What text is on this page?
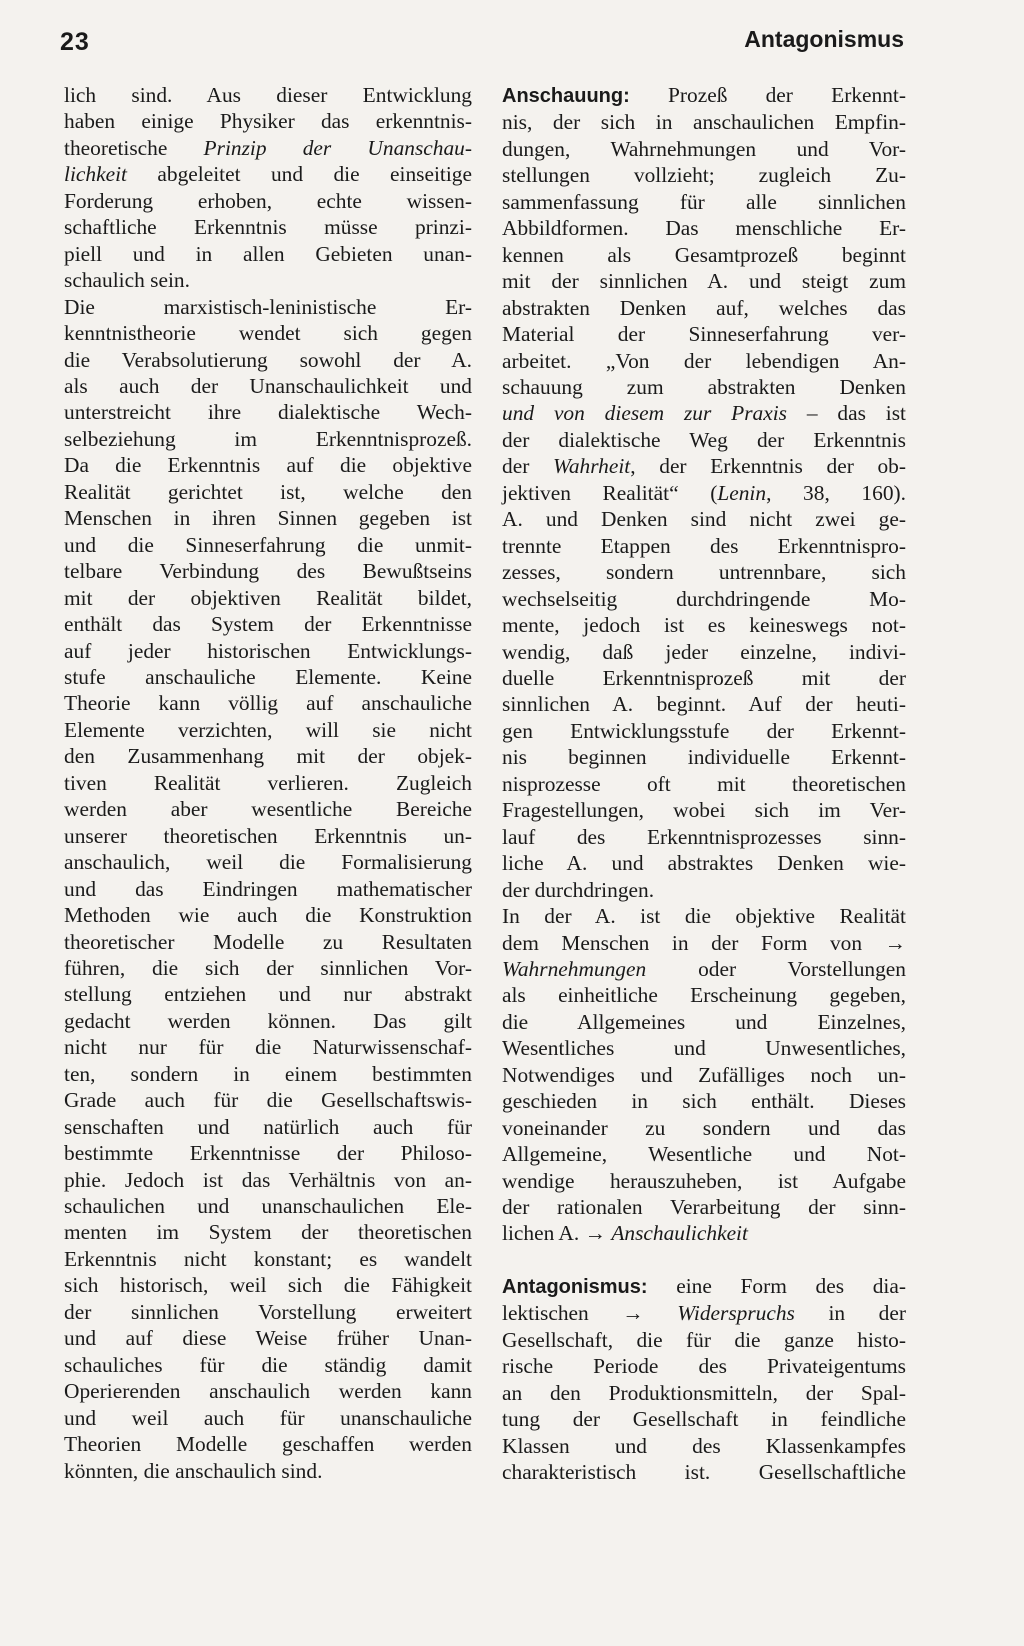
23	Antagonismus
lich sind. Aus dieser Entwicklung
haben einige Physiker das erkenntnis-
theoretische Prinzip der Unanschau-
lichkeit abgeleitet und die einseitige
Forderung erhoben, echte wissen-
schaftliche Erkenntnis müsse prinzi-
piell und in allen Gebieten unan-
schaulich sein.
Die marxistisch-leninistische Er-
kenntnistheorie wendet sich gegen
die Verabsolutierung sowohl der A.
als auch der Unanschaulichkeit und
unterstreicht ihre dialektische Wech-
selbeziehung im Erkenntnisprozeß.
Da die Erkenntnis auf die objektive
Realität gerichtet ist, welche den
Menschen in ihren Sinnen gegeben ist
und die Sinneserfahrung die unmit-
telbare Verbindung des Bewußtseins
mit der objektiven Realität bildet,
enthält das System der Erkenntnisse
auf jeder historischen Entwicklungs-
stufe anschauliche Elemente. Keine
Theorie kann völlig auf anschauliche
Elemente verzichten, will sie nicht
den Zusammenhang mit der objek-
tiven Realität verlieren. Zugleich
werden aber wesentliche Bereiche
unserer theoretischen Erkenntnis un-
anschaulich, weil die Formalisierung
und das Eindringen mathematischer
Methoden wie auch die Konstruktion
theoretischer Modelle zu Resultaten
führen, die sich der sinnlichen Vor-
stellung entziehen und nur abstrakt
gedacht werden können. Das gilt
nicht nur für die Naturwissenschaf-
ten, sondern in einem bestimmten
Grade auch für die Gesellschaftswis-
senschaften und natürlich auch für
bestimmte Erkenntnisse der Philoso-
phie. Jedoch ist das Verhältnis von an-
schaulichen und unanschaulichen Ele-
menten im System der theoretischen
Erkenntnis nicht konstant; es wandelt
sich historisch, weil sich die Fähigkeit
der sinnlichen Vorstellung erweitert
und auf diese Weise früher Unan-
schauliches für die ständig damit
Operierenden anschaulich werden kann
und weil auch für unanschauliche
Theorien Modelle geschaffen werden
könnten, die anschaulich sind.
Anschauung: Prozeß der Erkennt-
nis, der sich in anschaulichen Empfin-
dungen, Wahrnehmungen und Vor-
stellungen vollzieht; zugleich Zu-
sammenfassung für alle sinnlichen
Abbildformen. Das menschliche Er-
kennen als Gesamtprozeß beginnt
mit der sinnlichen A. und steigt zum
abstrakten Denken auf, welches das
Material der Sinneserfahrung ver-
arbeitet. „Von der lebendigen An-
schauung zum abstrakten Denken
und von diesem zur Praxis – das ist
der dialektische Weg der Erkenntnis
der Wahrheit, der Erkenntnis der ob-
jektiven Realität“ (Lenin, 38, 160).
A. und Denken sind nicht zwei ge-
trennte Etappen des Erkenntnispro-
zesses, sondern untrennbare, sich
wechselseitig durchdringende Mo-
mente, jedoch ist es keineswegs not-
wendig, daß jeder einzelne, indivi-
duelle Erkenntnisprozeß mit der
sinnlichen A. beginnt. Auf der heuti-
gen Entwicklungsstufe der Erkennt-
nis beginnen individuelle Erkennt-
nisprozesse oft mit theoretischen
Fragestellungen, wobei sich im Ver-
lauf des Erkenntnisprozesses sinn-
liche A. und abstraktes Denken wie-
der durchdringen.
In der A. ist die objektive Realität
dem Menschen in der Form von →
Wahrnehmungen oder Vorstellungen
als einheitliche Erscheinung gegeben,
die Allgemeines und Einzelnes,
Wesentliches und Unwesentliches,
Notwendiges und Zufälliges noch un-
geschieden in sich enthält. Dieses
voneinander zu sondern und das
Allgemeine, Wesentliche und Not-
wendige herauszuheben, ist Aufgabe
der rationalen Verarbeitung der sinn-
lichen A. → Anschaulichkeit
Antagonismus: eine Form des dia-
lektischen → Widerspruchs in der
Gesellschaft, die für die ganze histo-
rische Periode des Privateigentums
an den Produktionsmitteln, der Spal-
tung der Gesellschaft in feindliche
Klassen und des Klassenkampfes
charakteristisch ist. Gesellschaftliche
